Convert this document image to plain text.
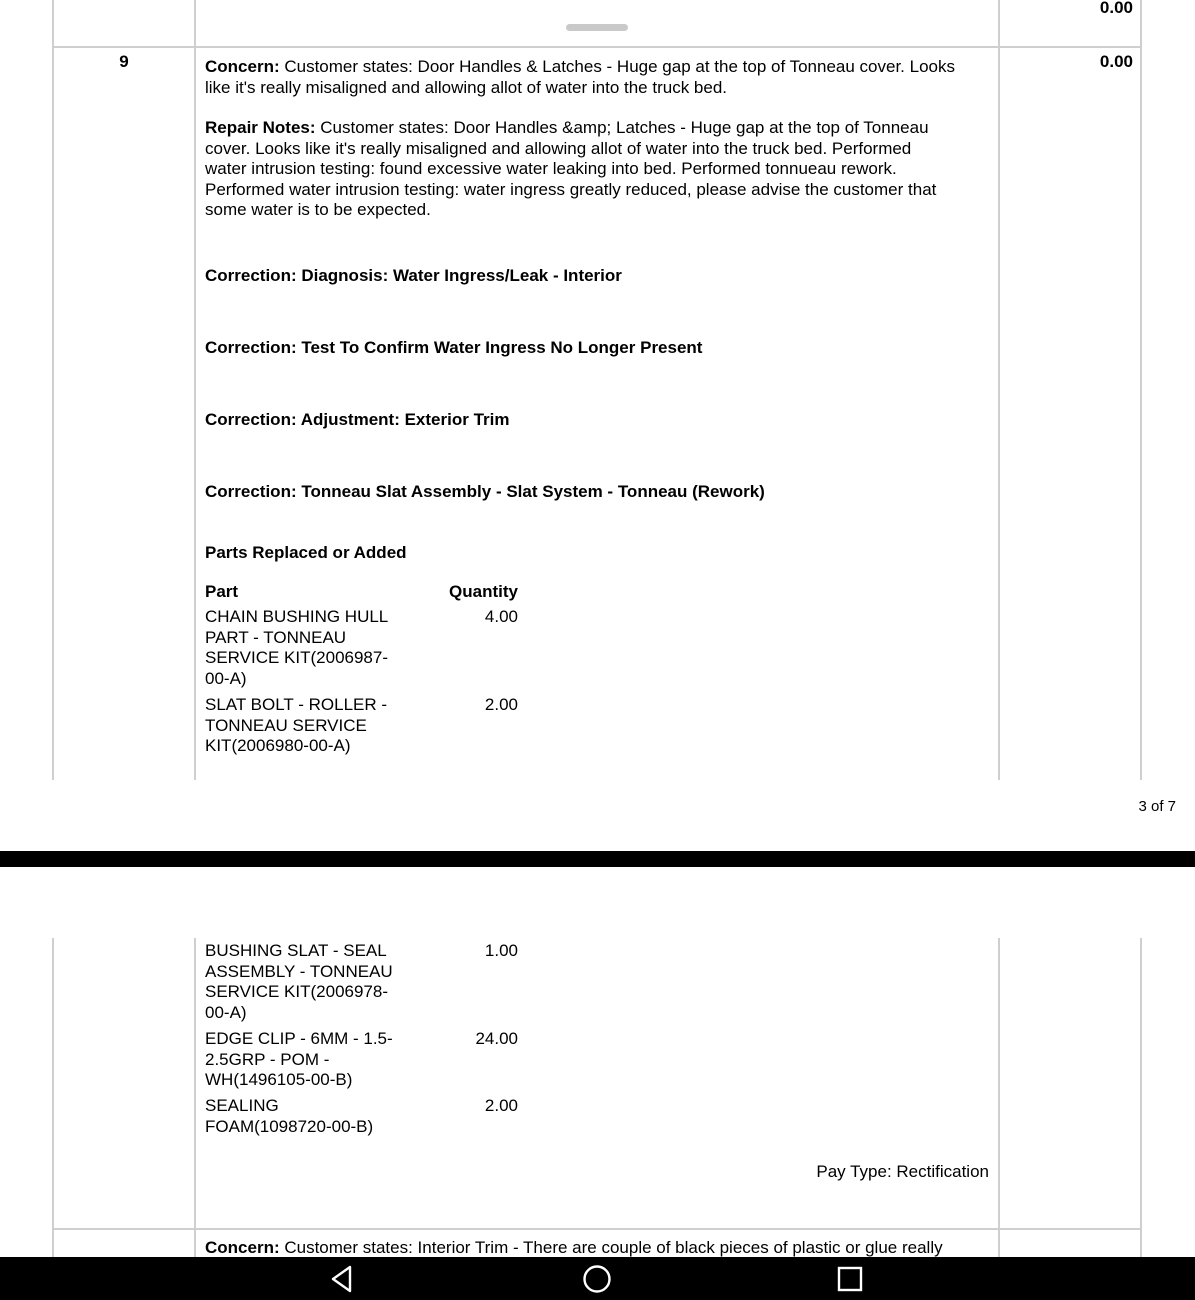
0.00
9	0.00
Concern: Customer states: Door Handles & Latches - Huge gap at the top of Tonneau cover. Looks
like it's really misaligned and allowing allot of water into the truck bed.
Repair Notes: Customer states: Door Handles &amp; Latches - Huge gap at the top of Tonneau
cover. Looks like it's really misaligned and allowing allot of water into the truck bed. Performed
water intrusion testing: found excessive water leaking into bed. Performed tonnueau rework.
Performed water intrusion testing: water ingress greatly reduced, please advise the customer that
some water is to be expected.
Correction: Diagnosis: Water Ingress/Leak - Interior
Correction: Test To Confirm Water Ingress No Longer Present
Correction: Adjustment: Exterior Trim
Correction: Tonneau Slat Assembly - Slat System - Tonneau (Rework)
Parts Replaced or Added
Part	Quantity
CHAIN BUSHING HULL
PART - TONNEAU
SERVICE KIT(2006987-
00-A)
4.00
SLAT BOLT - ROLLER -
TONNEAU SERVICE
KIT(2006980-00-A)
2.00
3 of 7
BUSHING SLAT - SEAL
ASSEMBLY - TONNEAU
SERVICE KIT(2006978-
00-A)
1.00
EDGE CLIP - 6MM - 1.5-
2.5GRP - POM -
WH(1496105-00-B)
24.00
SEALING
FOAM(1098720-00-B)
2.00
Pay Type: Rectification
Concern: Customer states: Interior Trim - There are couple of black pieces of plastic or glue really
